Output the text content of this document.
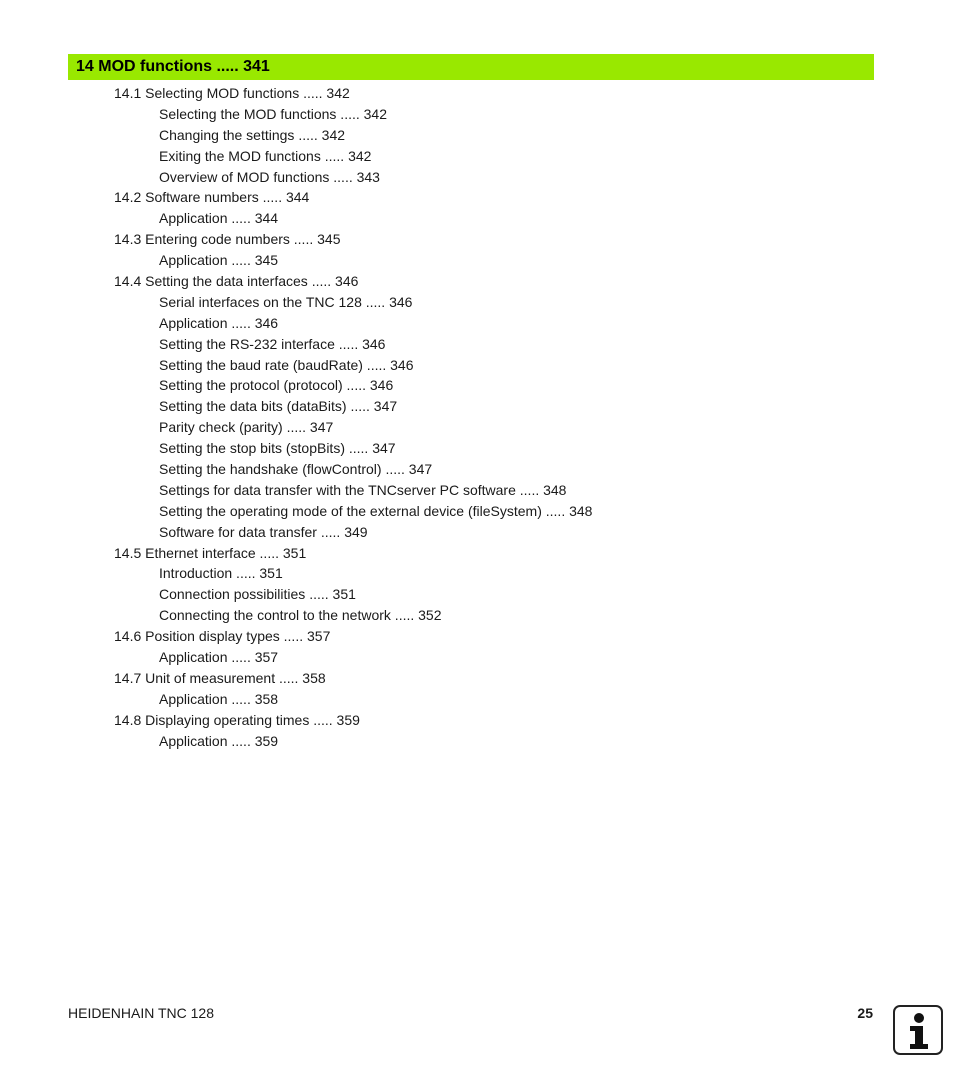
14 MOD functions ..... 341
14.1 Selecting MOD functions ..... 342
Selecting the MOD functions ..... 342
Changing the settings ..... 342
Exiting the MOD functions ..... 342
Overview of MOD functions ..... 343
14.2 Software numbers ..... 344
Application ..... 344
14.3 Entering code numbers ..... 345
Application ..... 345
14.4 Setting the data interfaces ..... 346
Serial interfaces on the TNC 128 ..... 346
Application ..... 346
Setting the RS-232 interface ..... 346
Setting the baud rate (baudRate) ..... 346
Setting the protocol (protocol) ..... 346
Setting the data bits (dataBits) ..... 347
Parity check (parity) ..... 347
Setting the stop bits (stopBits) ..... 347
Setting the handshake (flowControl) ..... 347
Settings for data transfer with the TNCserver PC software ..... 348
Setting the operating mode of the external device (fileSystem) ..... 348
Software for data transfer ..... 349
14.5 Ethernet interface ..... 351
Introduction ..... 351
Connection possibilities ..... 351
Connecting the control to the network ..... 352
14.6 Position display types ..... 357
Application ..... 357
14.7 Unit of measurement ..... 358
Application ..... 358
14.8 Displaying operating times ..... 359
Application ..... 359
HEIDENHAIN TNC 128	25
